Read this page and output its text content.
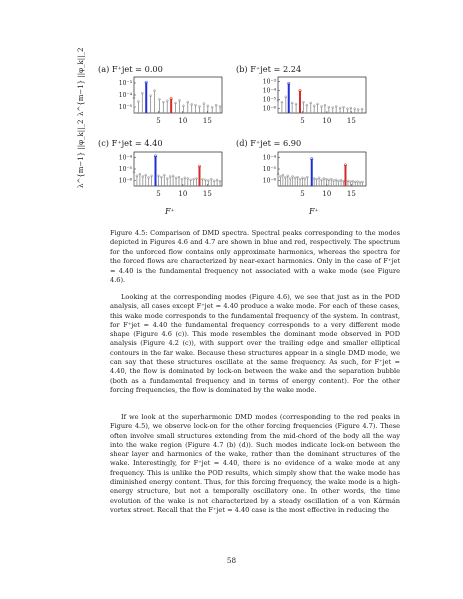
(a) F⁺jet = 0.00
λ^{m−1} ||φ_k||_2	10⁻³
10⁻⁴
10⁻⁵
5	10 15
(b) F⁺jet = 2.24
10⁻³
10⁻⁴
10⁻⁵
10⁻⁶
5	10 15
(c) F⁺jet = 4.40
λ^{m−1} ||φ_k||_2	10⁻⁴
10⁻⁵
10⁻⁶
5	10 15
F⁺
(d) F⁺jet = 6.90
10⁻⁴
10⁻⁵
10⁻⁶
5	10 15
F⁺
Figure 4.5: Comparison of DMD spectra. Spectral peaks corresponding to the modes depicted in Figures 4.6 and 4.7 are shown in blue and red, respectively. The spectrum for the unforced flow contains only approximate harmonics, whereas the spectra for the forced flows are characterized by near-exact harmonics. Only in the case of F⁺jet = 4.40 is the fundamental frequency not associated with a wake mode (see Figure 4.6).

Looking at the corresponding modes (Figure 4.6), we see that just as in the POD analysis, all cases except F⁺jet = 4.40 produce a wake mode. For each of these cases, this wake mode corresponds to the fundamental frequency of the system. In contrast, for F⁺jet = 4.40 the fundamental frequency corresponds to a very different mode shape (Figure 4.6 (c)). This mode resembles the dominant mode observed in POD analysis (Figure 4.2 (c)), with support over the trailing edge and smaller elliptical contours in the far wake. Because these structures appear in a single DMD mode, we can say that these structures oscillate at the same frequency. As such, for F⁺jet = 4.40, the flow is dominated by lock-on between the wake and the separation bubble (both as a fundamental frequency and in terms of energy content). For the other forcing frequencies, the flow is dominated by the wake mode.

If we look at the superharmonic DMD modes (corresponding to the red peaks in Figure 4.5), we observe lock-on for the other forcing frequencies (Figure 4.7). These often involve small structures extending from the mid-chord of the body all the way into the wake region (Figure 4.7 (b) (d)). Such modes indicate lock-on between the shear layer and harmonics of the wake, rather than the dominant structures of the wake. Interestingly, for F⁺jet = 4.40, there is no evidence of a wake mode at any frequency. This is unlike the POD results, which simply show that the wake mode has diminished energy content. Thus, for this forcing frequency, the wake mode is a high-energy structure, but not a temporally oscillatory one. In other words, the time evolution of the wake is not characterized by a steady oscillation of a von Kármán vortex street. Recall that the F⁺jet = 4.40 case is the most effective in reducing the

58
